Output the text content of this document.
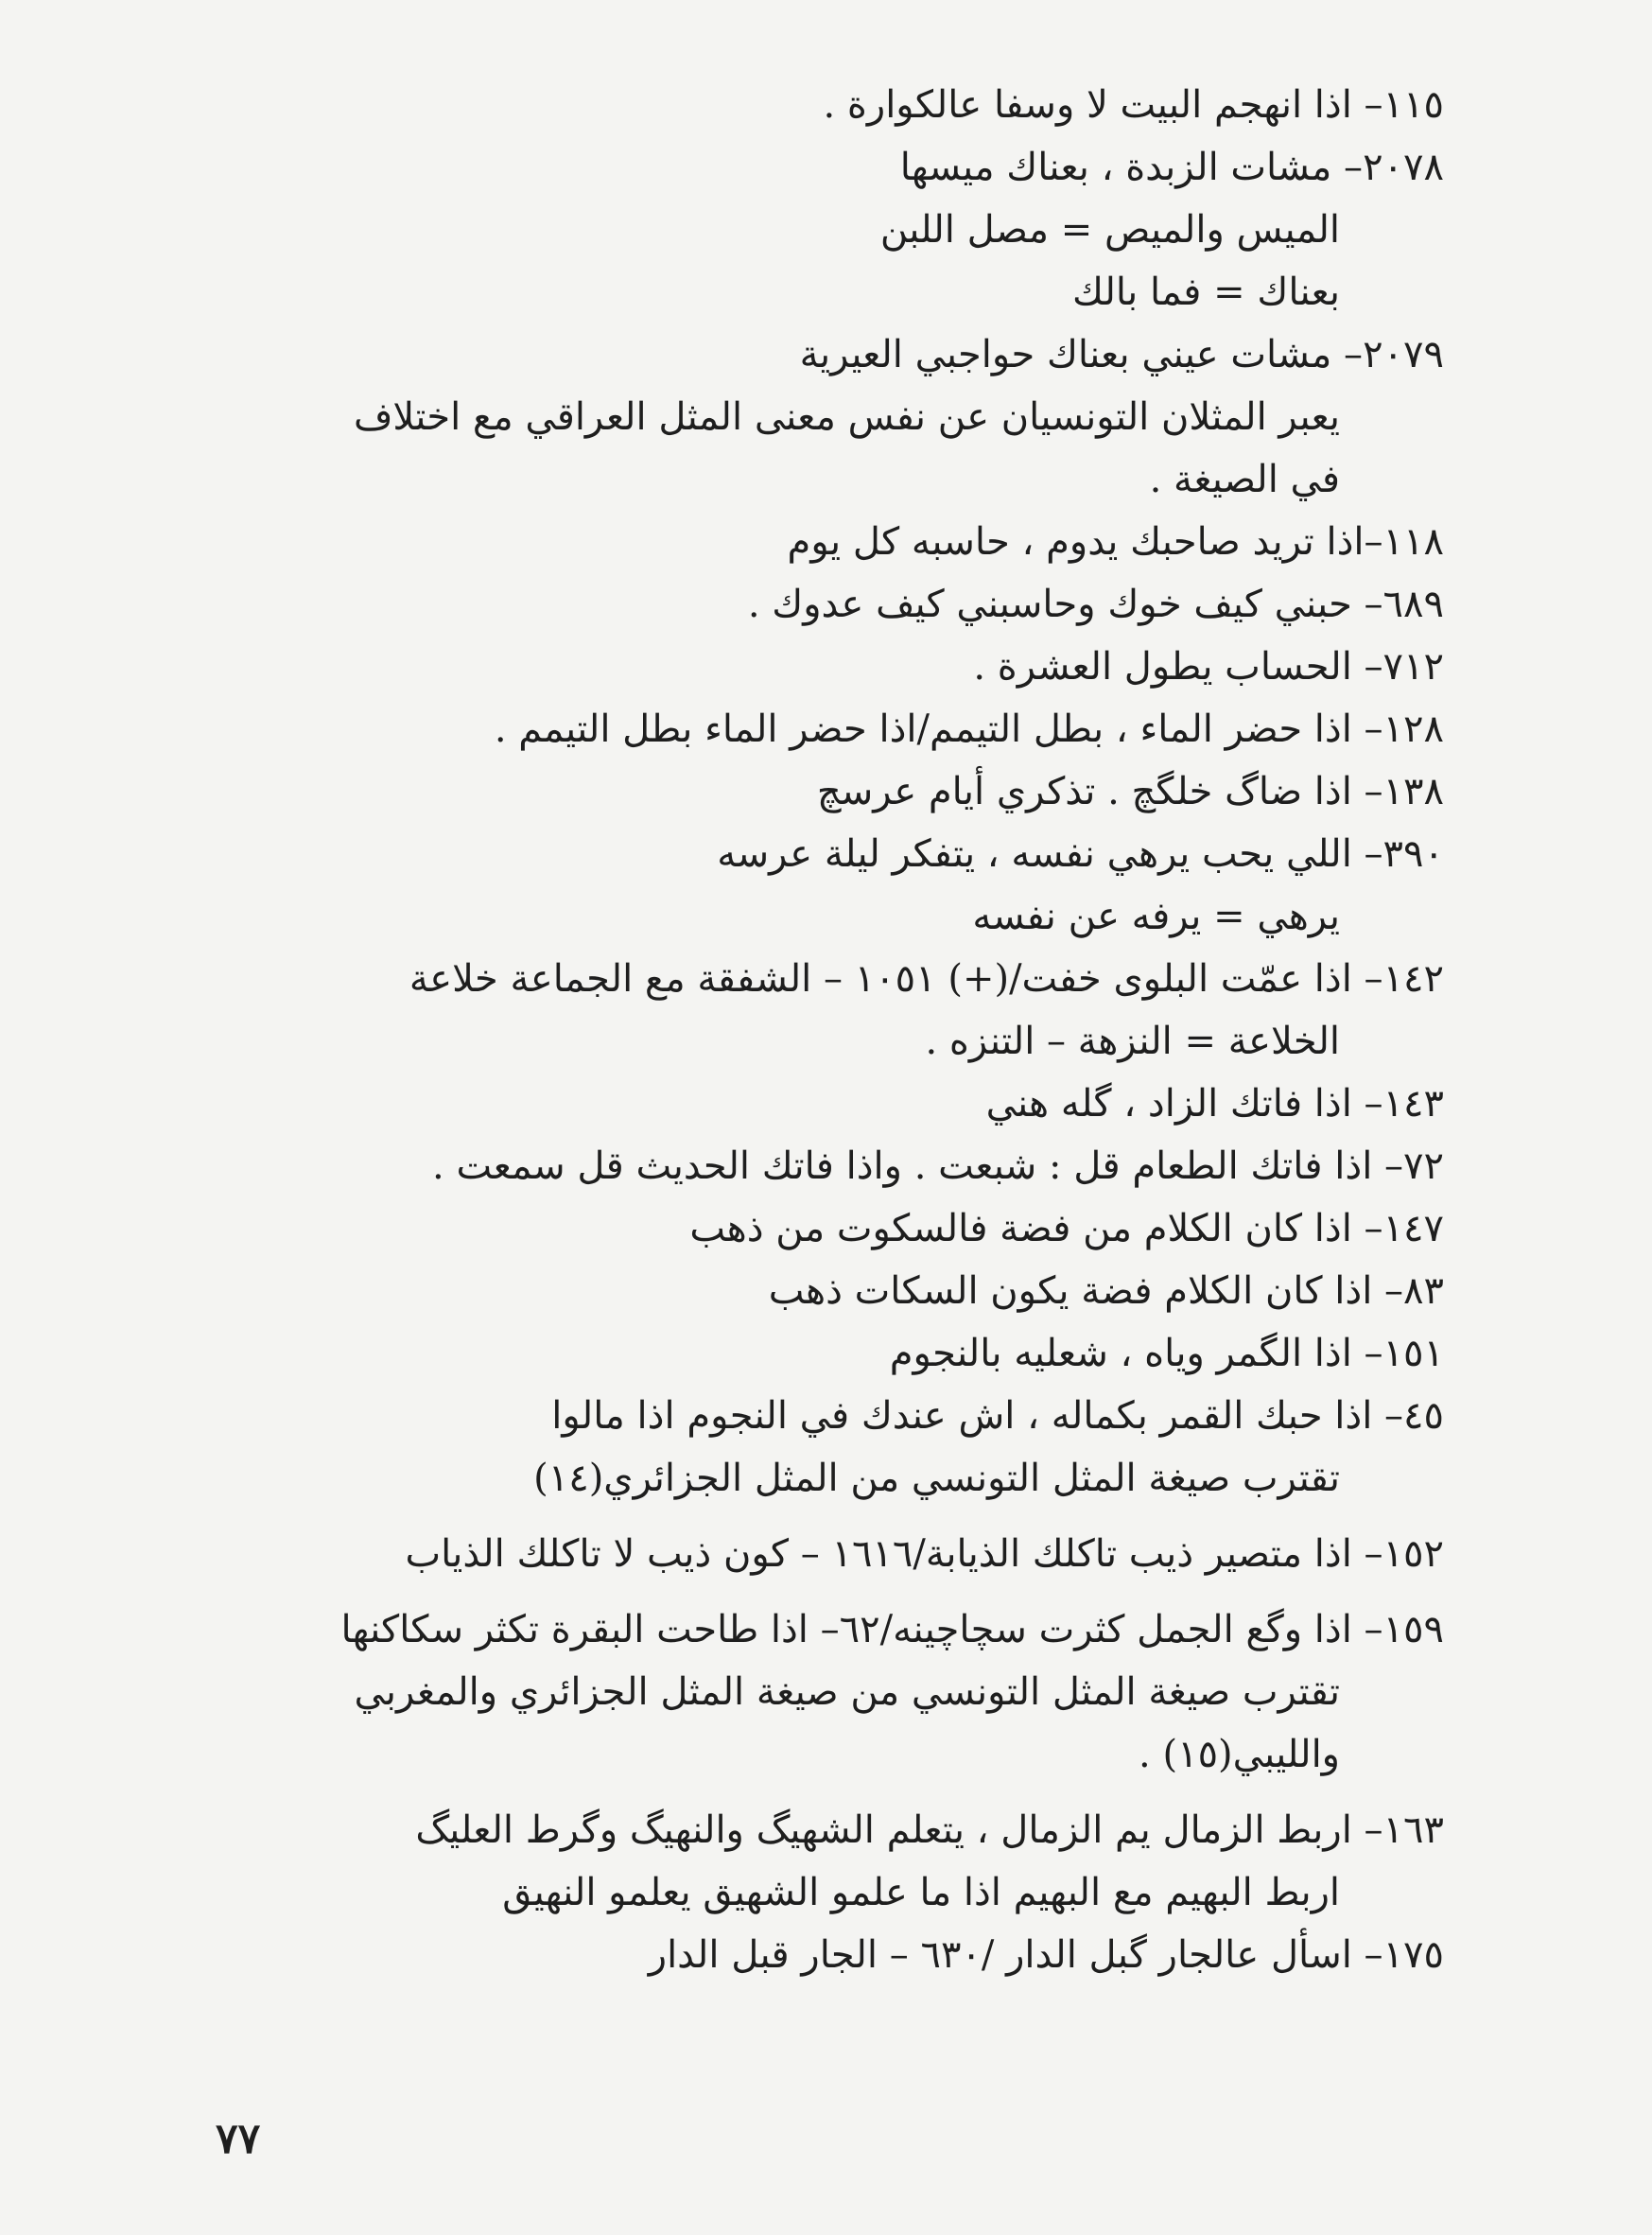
١١٥– اذا انهجم البيت لا وسفا عالكوارة .
٢٠٧٨– مشات الزبدة ، بعناك ميسها
الميس والميص = مصل اللبن
بعناك = فما بالك
٢٠٧٩– مشات عيني بعناك حواجبي العيرية
يعبر المثلان التونسيان عن نفس معنى المثل العراقي مع اختلاف
في الصيغة .
١١٨–اذا تريد صاحبك يدوم ، حاسبه كل يوم
٦٨٩– حبني كيف خوك وحاسبني كيف عدوك .
٧١٢– الحساب يطول العشرة .
١٢٨– اذا حضر الماء ، بطل التيمم/اذا حضر الماء بطل التيمم .
١٣٨– اذا ضاگ خلگچ . تذكري أيام عرسچ
٣٩٠– اللي يحب يرهي نفسه ، يتفكر ليلة عرسه
يرهي = يرفه عن نفسه
١٤٢– اذا عمّت البلوى خفت/(+) ١٠٥١ – الشفقة مع الجماعة خلاعة
الخلاعة = النزهة – التنزه .
١٤٣– اذا فاتك الزاد ، گله هني
٧٢– اذا فاتك الطعام قل : شبعت . واذا فاتك الحديث قل سمعت .
١٤٧– اذا كان الكلام من فضة فالسكوت من ذهب
٨٣– اذا كان الكلام فضة يكون السكات ذهب
١٥١– اذا الگمر وياه ، شعليه بالنجوم
٤٥– اذا حبك القمر بكماله ، اش عندك في النجوم اذا مالوا
تقترب صيغة المثل التونسي من المثل الجزائري(١٤)
١٥٢– اذا متصير ذيب تاكلك الذيابة/١٦١٦ – كون ذيب لا تاكلك الذياب
١٥٩– اذا وگع الجمل كثرت سچاچينه/٦٢– اذا طاحت البقرة تكثر سكاكنها
تقترب صيغة المثل التونسي من صيغة المثل الجزائري والمغربي
والليبي(١٥) .
١٦٣– اربط الزمال يم الزمال ، يتعلم الشهيگ والنهيگ وگرط العليگ
اربط البهيم مع البهيم اذا ما علمو الشهيق يعلمو النهيق
١٧٥– اسأل عالجار گبل الدار /٦٣٠ – الجار قبل الدار
٧٧
